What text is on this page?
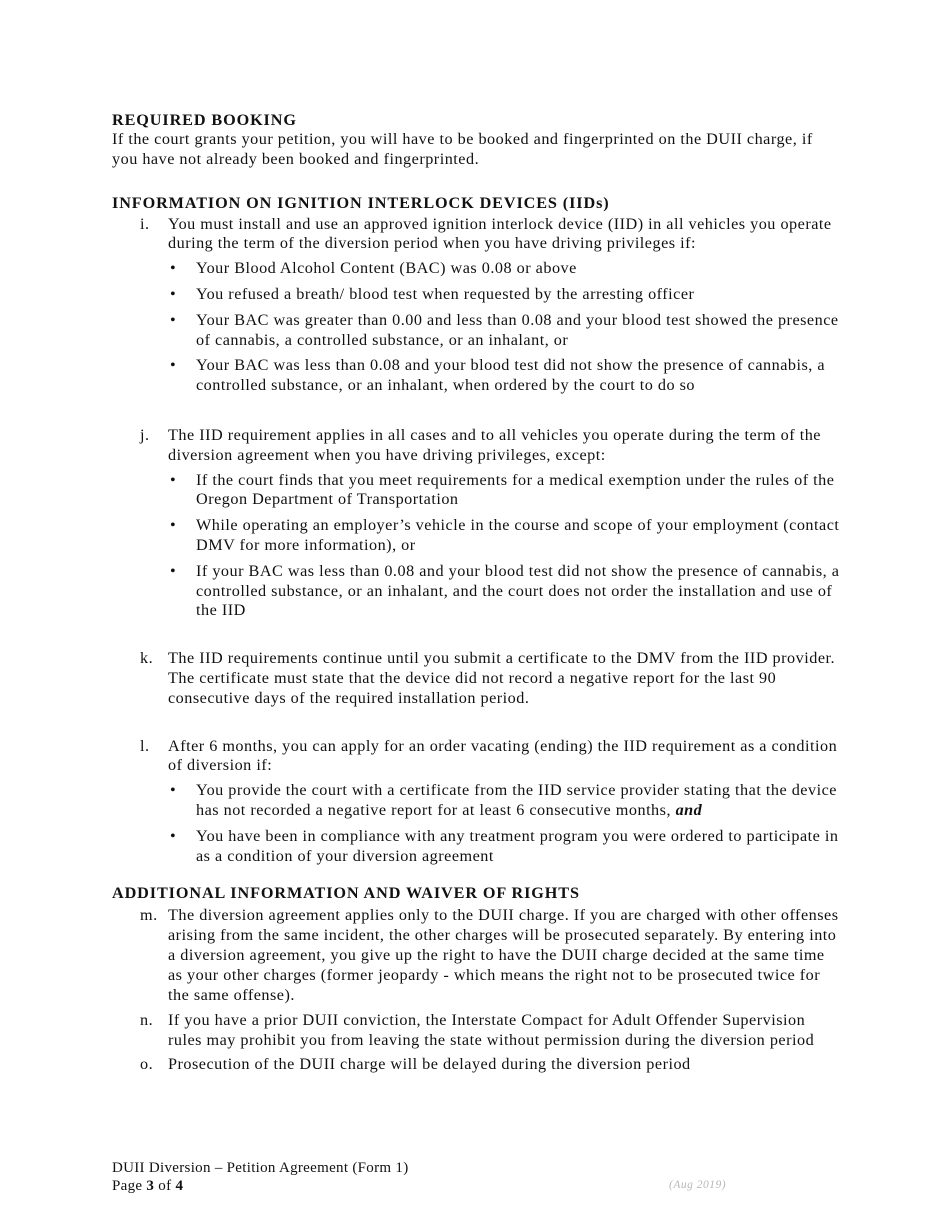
REQUIRED BOOKING

If the court grants your petition, you will have to be booked and fingerprinted on the DUII charge, if you have not already been booked and fingerprinted.

INFORMATION ON IGNITION INTERLOCK DEVICES (IIDs)

i. You must install and use an approved ignition interlock device (IID) in all vehicles you operate during the term of the diversion period when you have driving privileges if:
• Your Blood Alcohol Content (BAC) was 0.08 or above
• You refused a breath/ blood test when requested by the arresting officer
• Your BAC was greater than 0.00 and less than 0.08 and your blood test showed the presence of cannabis, a controlled substance, or an inhalant, or
• Your BAC was less than 0.08 and your blood test did not show the presence of cannabis, a controlled substance, or an inhalant, when ordered by the court to do so
j. The IID requirement applies in all cases and to all vehicles you operate during the term of the diversion agreement when you have driving privileges, except:
• If the court finds that you meet requirements for a medical exemption under the rules of the Oregon Department of Transportation
• While operating an employer’s vehicle in the course and scope of your employment (contact DMV for more information), or
• If your BAC was less than 0.08 and your blood test did not show the presence of cannabis, a controlled substance, or an inhalant, and the court does not order the installation and use of the IID
k. The IID requirements continue until you submit a certificate to the DMV from the IID provider. The certificate must state that the device did not record a negative report for the last 90 consecutive days of the required installation period.
l. After 6 months, you can apply for an order vacating (ending) the IID requirement as a condition of diversion if:
• You provide the court with a certificate from the IID service provider stating that the device has not recorded a negative report for at least 6 consecutive months, and
• You have been in compliance with any treatment program you were ordered to participate in as a condition of your diversion agreement

ADDITIONAL INFORMATION AND WAIVER OF RIGHTS

m. The diversion agreement applies only to the DUII charge. If you are charged with other offenses arising from the same incident, the other charges will be prosecuted separately. By entering into a diversion agreement, you give up the right to have the DUII charge decided at the same time as your other charges (former jeopardy - which means the right not to be prosecuted twice for the same offense).
n. If you have a prior DUII conviction, the Interstate Compact for Adult Offender Supervision rules may prohibit you from leaving the state without permission during the diversion period
o. Prosecution of the DUII charge will be delayed during the diversion period
DUII Diversion – Petition Agreement (Form 1)
Page 3 of 4	(Aug 2019)
